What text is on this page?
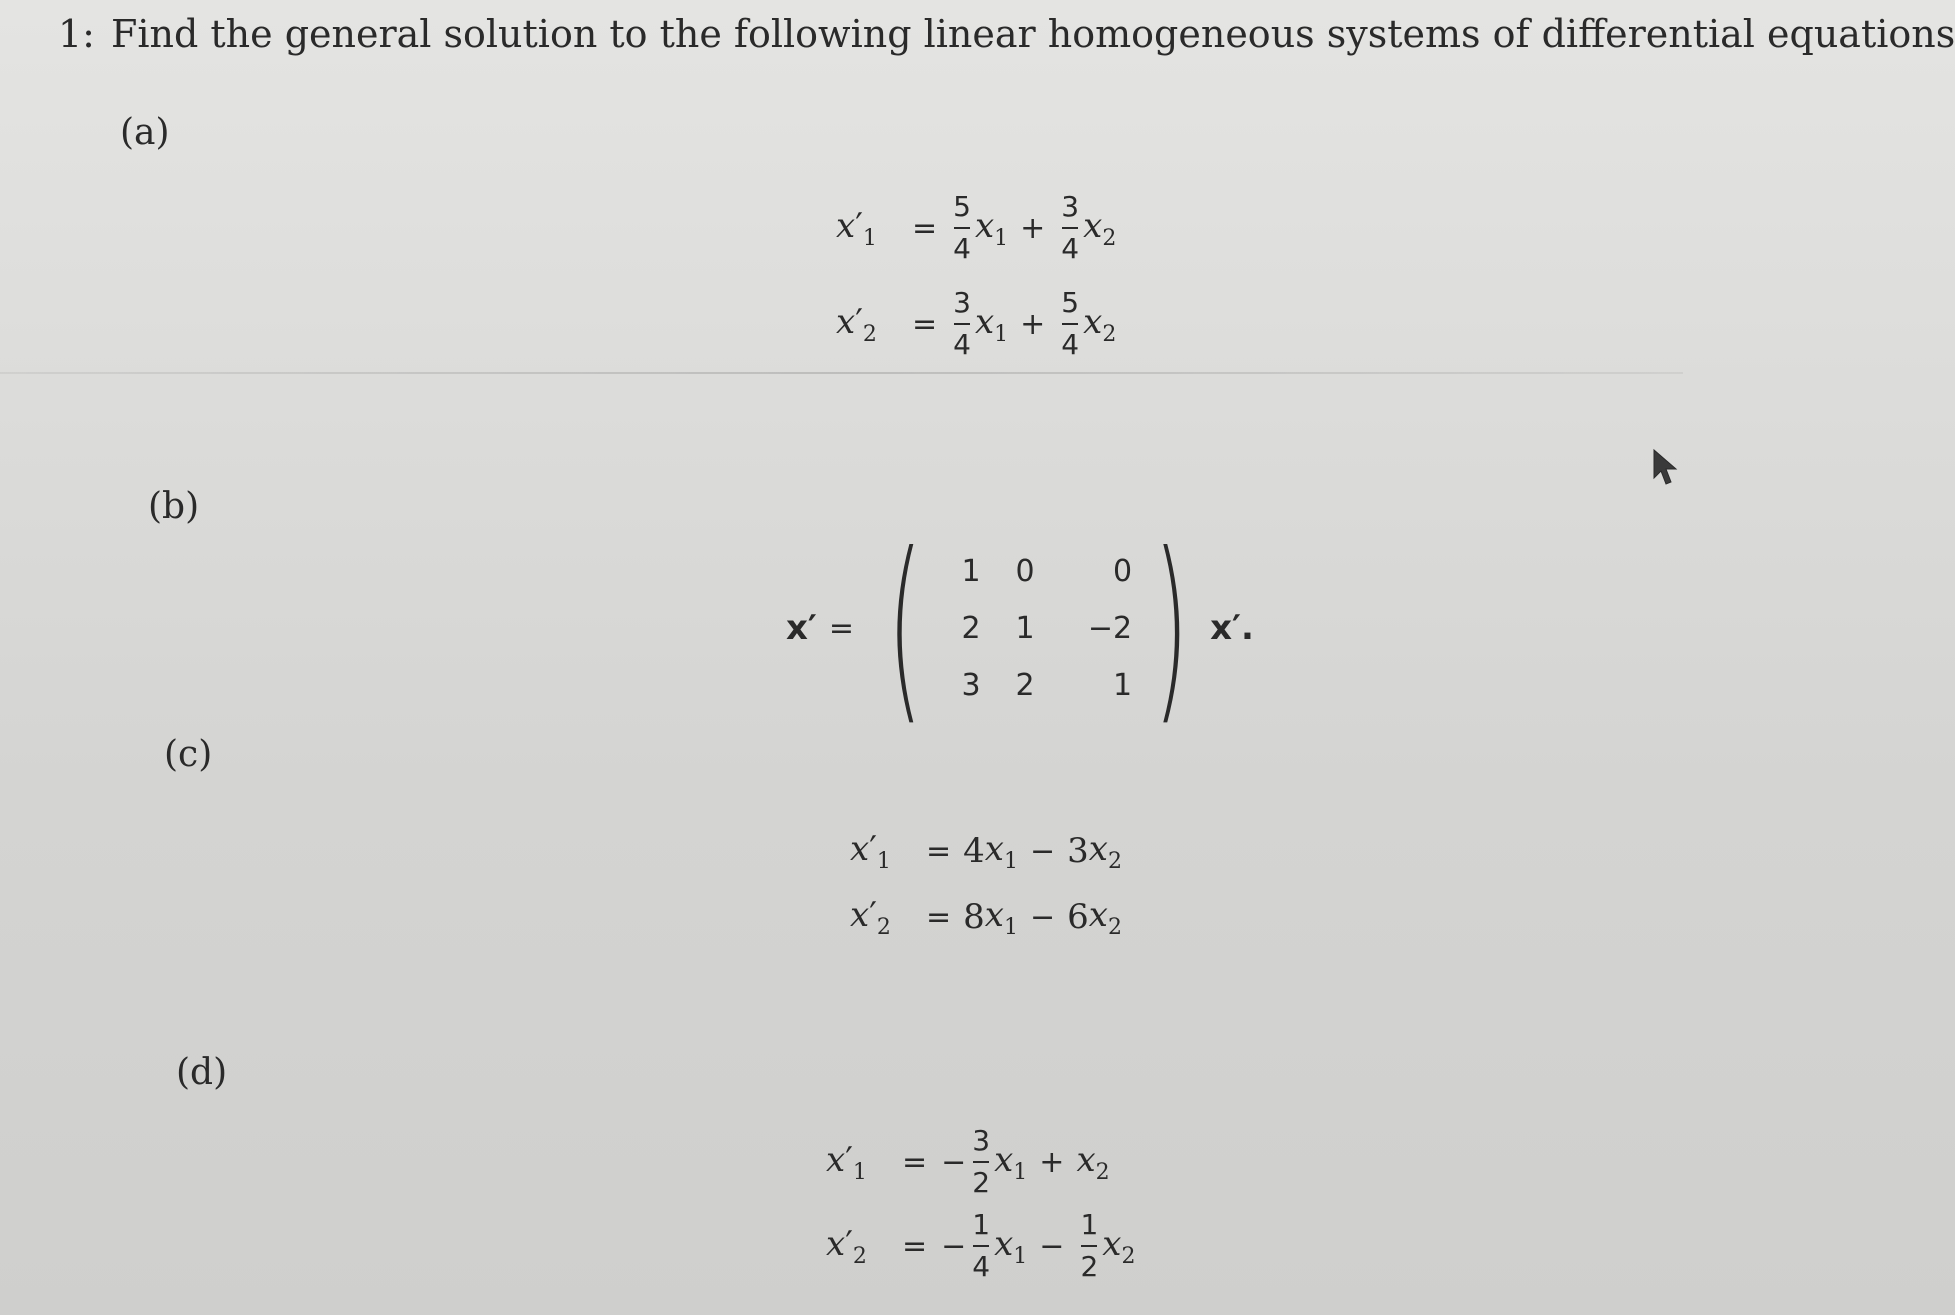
1: Find the general solution to the following linear homogeneous systems of differential equations
(a)
$x'_1$	= $\frac{5}{4} x_1 + \frac{3}{4} x_2$
$x'_2$	= $\frac{3}{4} x_1 + \frac{5}{4} x_2$
(b)
x′ = (	1	0	0
2	1	−2
3	2	1 ) x′.
(c)
$x'_1$	= 4 $x_1 - 3$ $x_2$
$x'_2$	= 8 $x_1 - 6$ $x_2$
(d)
$x'_1$	= − $\frac{3}{2} x_1 + x_2$
$x'_2$	= − $\frac{1}{4} x_1 - \frac{1}{2} x_2$
